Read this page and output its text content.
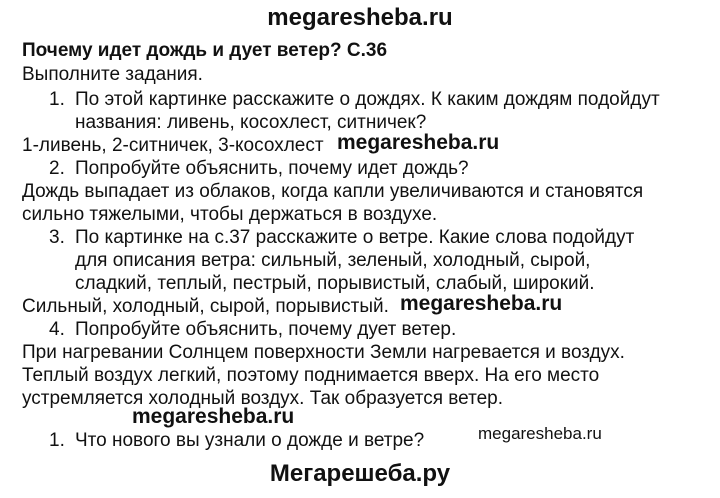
megaresheba.ru
Почему идет дождь и дует ветер? С.36
Выполните задания.
1. По этой картинке расскажите о дождях. К каким дождям подойдут
названия: ливень, косохлест, ситничек?
1-ливень, 2-ситничек, 3-косохлест megaresheba.ru
2. Попробуйте объяснить, почему идет дождь?
Дождь выпадает из облаков, когда капли увеличиваются и становятся
сильно тяжелыми, чтобы держаться в воздухе.
3. По картинке на с.37 расскажите о ветре. Какие слова подойдут
для описания ветра: сильный, зеленый, холодный, сырой,
сладкий, теплый, пестрый, порывистый, слабый, широкий.
Сильный, холодный, сырой, порывистый. megaresheba.ru
4. Попробуйте объяснить, почему дует ветер.
При нагревании Солнцем поверхности Земли нагревается и воздух.
Теплый воздух легкий, поэтому поднимается вверх. На его место
устремляется холодный воздух. Так образуется ветер.
megaresheba.ru
1. Что нового вы узнали о дожде и ветре?	megaresheba.ru
Мегарешеба.ру
